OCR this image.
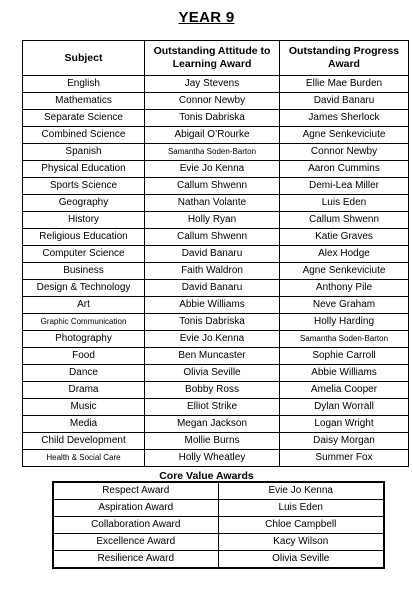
YEAR 9
Subject	Outstanding Attitude to Learning Award	Outstanding Progress Award
English	Jay Stevens	Ellie Mae Burden
Mathematics	Connor Newby	David Banaru
Separate Science	Tonis Dabriska	James Sherlock
Combined Science	Abigail O’Rourke	Agne Senkeviciute
Spanish	Samantha Soden-Barton	Connor Newby
Physical Education	Evie Jo Kenna	Aaron Cummins
Sports Science	Callum Shwenn	Demi-Lea Miller
Geography	Nathan Volante	Luis Eden
History	Holly Ryan	Callum Shwenn
Religious Education	Callum Shwenn	Katie Graves
Computer Science	David Banaru	Alex Hodge
Business	Faith Waldron	Agne Senkeviciute
Design & Technology	David Banaru	Anthony Pile
Art	Abbie Williams	Neve Graham
Graphic Communication	Tonis Dabriska	Holly Harding
Photography	Evie Jo Kenna	Samantha Soden-Barton
Food	Ben Muncaster	Sophie Carroll
Dance	Olivia Seville	Abbie Williams
Drama	Bobby Ross	Amelia Cooper
Music	Elliot Strike	Dylan Worrall
Media	Megan Jackson	Logan Wright
Child Development	Mollie Burns	Daisy Morgan
Health & Social Care	Holly Wheatley	Summer Fox
Core Value Awards
Respect Award	Evie Jo Kenna
Aspiration Award	Luis Eden
Collaboration Award	Chloe Campbell
Excellence Award	Kacy Wilson
Resilience Award	Olivia Seville
